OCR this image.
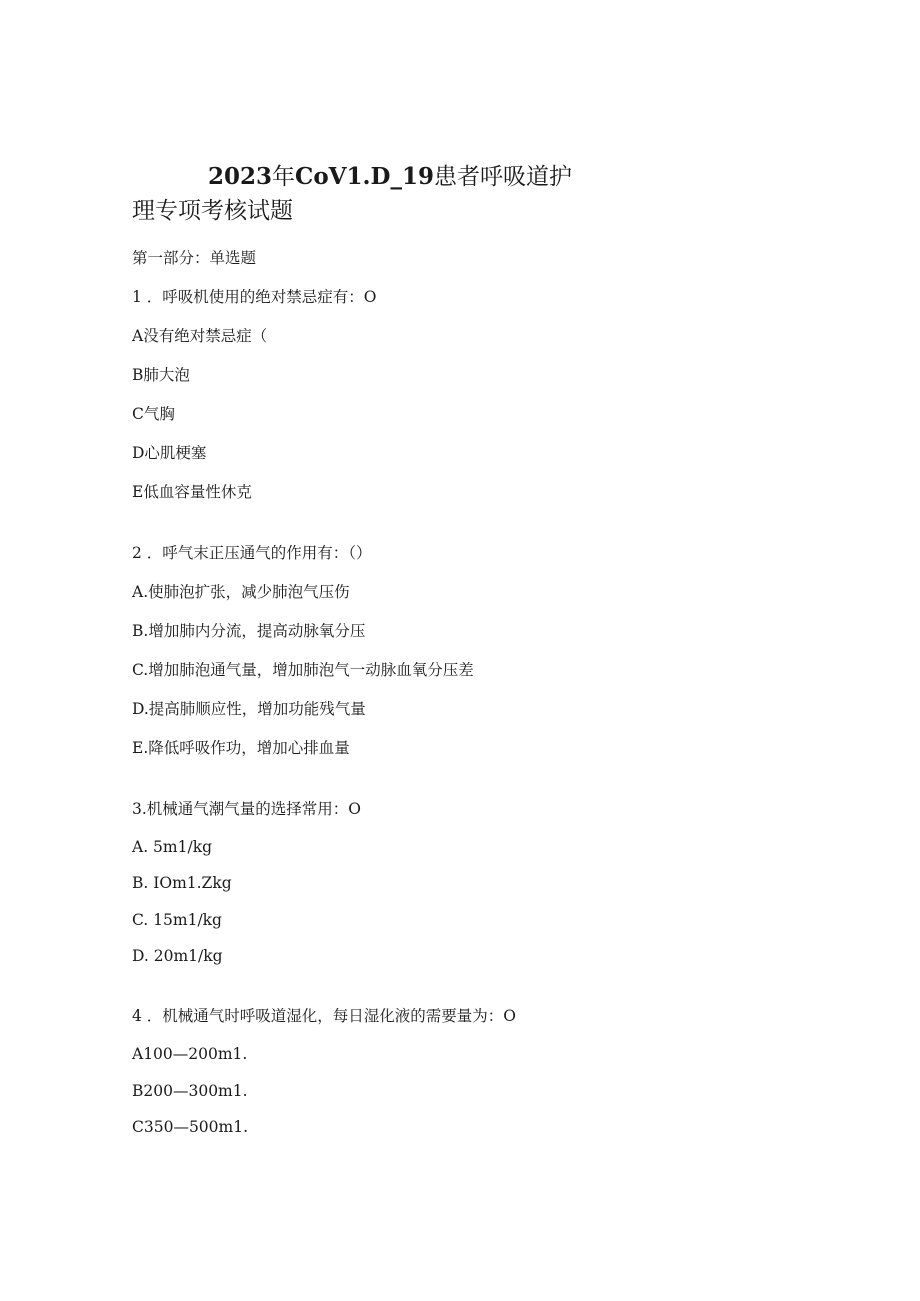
2023年CoV1.D_19患者呼吸道护
理专项考核试题

第一部分：单选题

1 ．呼吸机使用的绝对禁忌症有：O

A没有绝对禁忌症（

B肺大泡

C气胸

D心肌梗塞

E低血容量性休克

2 ．呼气末正压通气的作用有：（）

A.使肺泡扩张，减少肺泡气压伤

B.增加肺内分流，提高动脉氧分压

C.增加肺泡通气量，增加肺泡气一动脉血氧分压差

D.提高肺顺应性，增加功能残气量

E.降低呼吸作功，增加心排血量

3.机械通气潮气量的选择常用：O

A. 5m1∕kg

B. IOm1.Zkg

C. 15m1∕kg

D. 20m1∕kg

4 ．机械通气时呼吸道湿化，每日湿化液的需要量为：O

A100—200m1.

B200—300m1.

C350—500m1.
